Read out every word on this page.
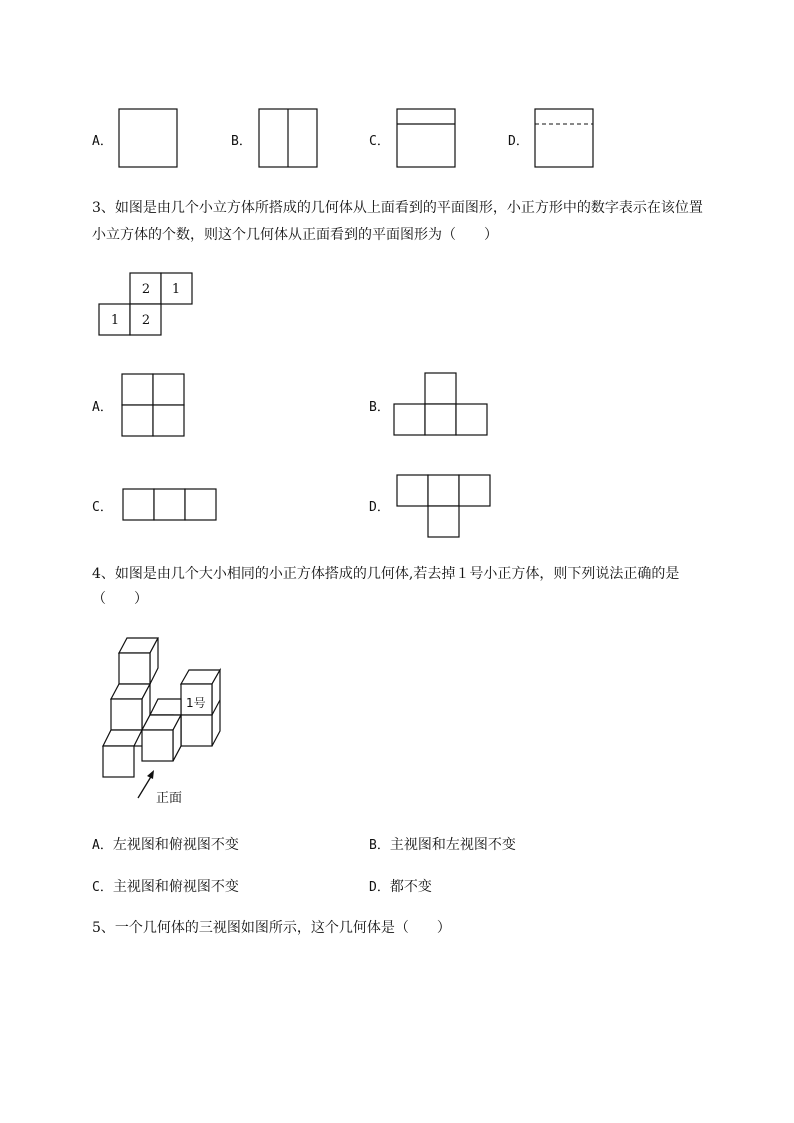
A．	B．	C．	D．
3、如图是由几个小立方体所搭成的几何体从上面看到的平面图形，小正方形中的数字表示在该位置
小立方体的个数，则这个几何体从正面看到的平面图形为（　　）
2 1
1 2
A．	B．
C．	D．
4、如图是由几个大小相同的小正方体搭成的几何体,若去掉１号小正方体，则下列说法正确的是
（　　）
1号
正面
A．左视图和俯视图不变	B．主视图和左视图不变
C．主视图和俯视图不变	D．都不变
5、一个几何体的三视图如图所示，这个几何体是（　　）
